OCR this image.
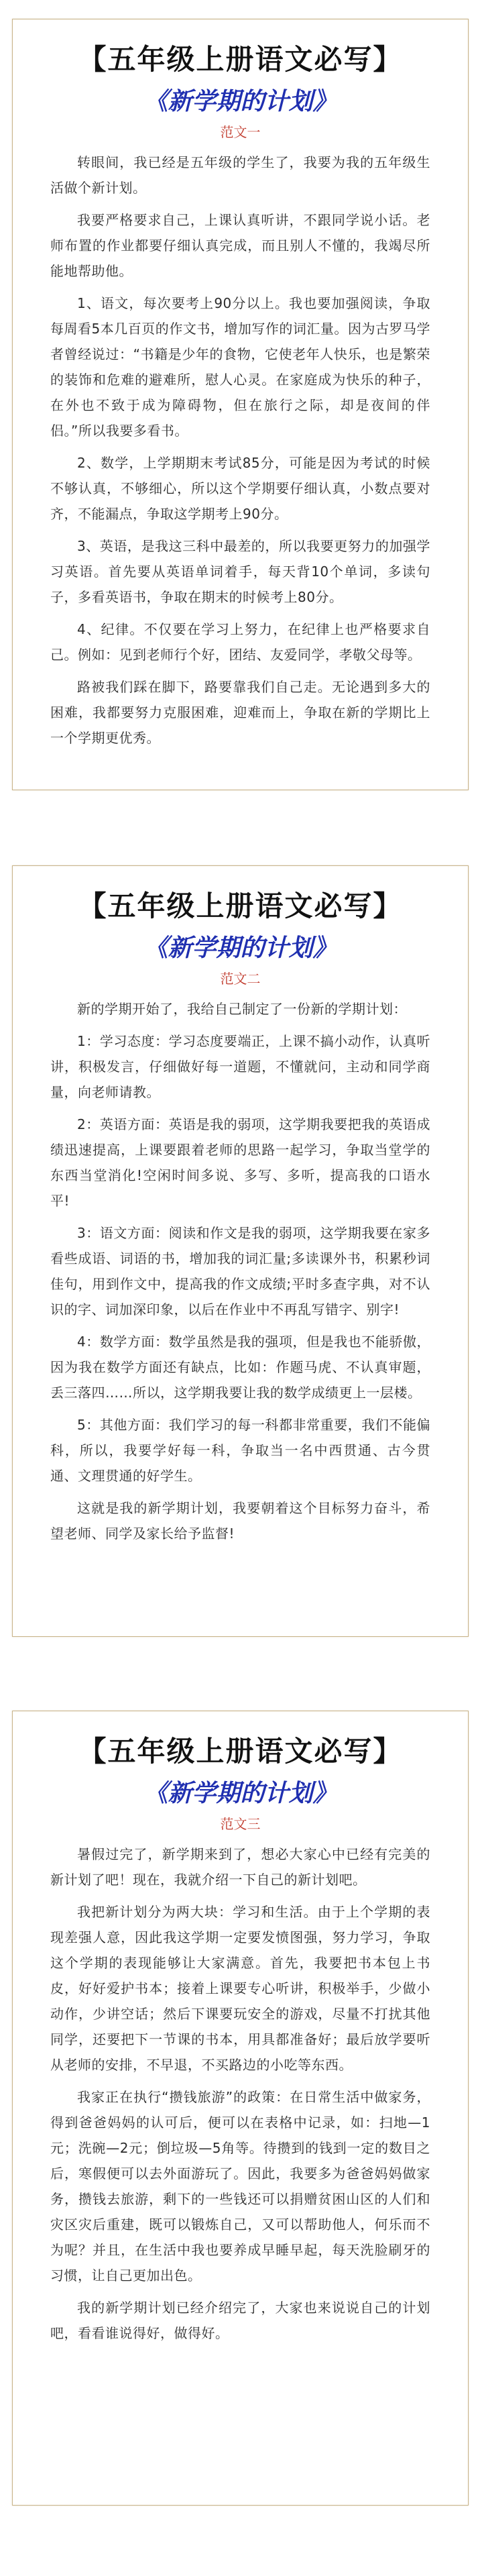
【五年级上册语文必写】
《新学期的计划》
范文一

转眼间，我已经是五年级的学生了，我要为我的五年级生活做个新计划。

我要严格要求自己，上课认真听讲，不跟同学说小话。老师布置的作业都要仔细认真完成，而且别人不懂的，我竭尽所能地帮助他。

1、语文，每次要考上90分以上。我也要加强阅读，争取每周看5本几百页的作文书，增加写作的词汇量。因为古罗马学者曾经说过：“书籍是少年的食物，它使老年人快乐，也是繁荣的装饰和危难的避难所，慰人心灵。在家庭成为快乐的种子，在外也不致于成为障碍物，但在旅行之际，却是夜间的伴侣。”所以我要多看书。

2、数学，上学期期末考试85分，可能是因为考试的时候不够认真，不够细心，所以这个学期要仔细认真，小数点要对齐，不能漏点，争取这学期考上90分。

3、英语，是我这三科中最差的，所以我要更努力的加强学习英语。首先要从英语单词着手，每天背10个单词，多读句子，多看英语书，争取在期末的时候考上80分。

4、纪律。不仅要在学习上努力，在纪律上也严格要求自己。例如：见到老师行个好，团结、友爱同学，孝敬父母等。

路被我们踩在脚下，路要靠我们自己走。无论遇到多大的困难，我都要努力克服困难，迎难而上，争取在新的学期比上一个学期更优秀。

【五年级上册语文必写】
《新学期的计划》
范文二

新的学期开始了，我给自己制定了一份新的学期计划：

1：学习态度：学习态度要端正，上课不搞小动作，认真听讲，积极发言，仔细做好每一道题，不懂就问，主动和同学商量，向老师请教。

2：英语方面：英语是我的弱项，这学期我要把我的英语成绩迅速提高，上课要跟着老师的思路一起学习，争取当堂学的东西当堂消化!空闲时间多说、多写、多听，提高我的口语水平!

3：语文方面：阅读和作文是我的弱项，这学期我要在家多看些成语、词语的书，增加我的词汇量;多读课外书，积累秒词佳句，用到作文中，提高我的作文成绩;平时多查字典，对不认识的字、词加深印象，以后在作业中不再乱写错字、别字!

4：数学方面：数学虽然是我的强项，但是我也不能骄傲，因为我在数学方面还有缺点，比如：作题马虎、不认真审题，丢三落四……所以，这学期我要让我的数学成绩更上一层楼。

5：其他方面：我们学习的每一科都非常重要，我们不能偏科，所以，我要学好每一科，争取当一名中西贯通、古今贯通、文理贯通的好学生。

这就是我的新学期计划，我要朝着这个目标努力奋斗，希望老师、同学及家长给予监督!

【五年级上册语文必写】
《新学期的计划》
范文三

暑假过完了，新学期来到了，想必大家心中已经有完美的新计划了吧！现在，我就介绍一下自己的新计划吧。

我把新计划分为两大块：学习和生活。由于上个学期的表现差强人意，因此我这学期一定要发愤图强，努力学习，争取这个学期的表现能够让大家满意。首先，我要把书本包上书皮，好好爱护书本；接着上课要专心听讲，积极举手，少做小动作，少讲空话；然后下课要玩安全的游戏，尽量不打扰其他同学，还要把下一节课的书本，用具都准备好；最后放学要听从老师的安排，不早退，不买路边的小吃等东西。

我家正在执行“攒钱旅游”的政策：在日常生活中做家务，得到爸爸妈妈的认可后，便可以在表格中记录，如：扫地—1元；洗碗—2元；倒垃圾—5角等。待攒到的钱到一定的数目之后，寒假便可以去外面游玩了。因此，我要多为爸爸妈妈做家务，攒钱去旅游，剩下的一些钱还可以捐赠贫困山区的人们和灾区灾后重建，既可以锻炼自己，又可以帮助他人，何乐而不为呢？并且，在生活中我也要养成早睡早起，每天洗脸刷牙的习惯，让自己更加出色。

我的新学期计划已经介绍完了，大家也来说说自己的计划吧，看看谁说得好，做得好。
